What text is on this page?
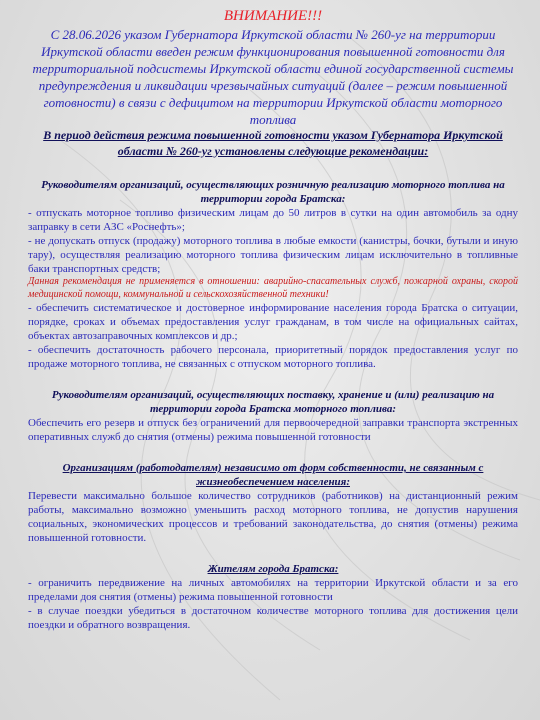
ВНИМАНИЕ!!!

С 28.06.2026 указом Губернатора Иркутской области № 260-уг на территории Иркутской области введен режим функционирования повышенной готовности для территориальной подсистемы Иркутской области единой государственной системы предупреждения и ликвидации чрезвычайных ситуаций (далее – режим повышенной готовности) в связи с дефицитом на территории Иркутской области моторного топлива

В период действия режима повышенной готовности указом Губернатора Иркутской области № 260-уг установлены следующие рекомендации:

Руководителям организаций, осуществляющих розничную реализацию моторного топлива на территории города Братска:

- отпускать моторное топливо физическим лицам до 50 литров в сутки на один автомобиль за одну заправку в сети АЗС «Роснефть»;

- не допускать отпуск (продажу) моторного топлива в любые емкости (канистры, бочки, бутыли и иную тару), осуществляя реализацию моторного топлива физическим лицам исключительно в топливные баки транспортных средств;

Данная рекомендация не применяется в отношении: аварийно-спасательных служб, пожарной охраны, скорой медицинской помощи, коммунальной и сельскохозяйственной техники!

- обеспечить систематическое и достоверное информирование населения города Братска о ситуации, порядке, сроках и объемах предоставления услуг гражданам, в том числе на официальных сайтах, объектах автозаправочных комплексов и др.;

- обеспечить достаточность рабочего персонала, приоритетный порядок предоставления услуг по продаже моторного топлива, не связанных с отпуском моторного топлива.

Руководителям организаций, осуществляющих поставку, хранение и (или) реализацию на территории города Братска моторного топлива:

Обеспечить его резерв и отпуск без ограничений для первоочередной заправки транспорта экстренных оперативных служб до снятия (отмены) режима повышенной готовности

Организациям (работодателям) независимо от форм собственности, не связанным с жизнеобеспечением населения:

Перевести максимально большое количество сотрудников (работников) на дистанционный режим работы, максимально возможно уменьшить расход моторного топлива, не допустив нарушения социальных, экономических процессов и требований законодательства, до снятия (отмены) режима повышенной готовности.

Жителям города Братска:

- ограничить передвижение на личных автомобилях на территории Иркутской области и за его пределами доя снятия (отмены) режима повышенной готовности

- в случае поездки убедиться в достаточном количестве моторного топлива для достижения цели поездки и обратного возвращения.
